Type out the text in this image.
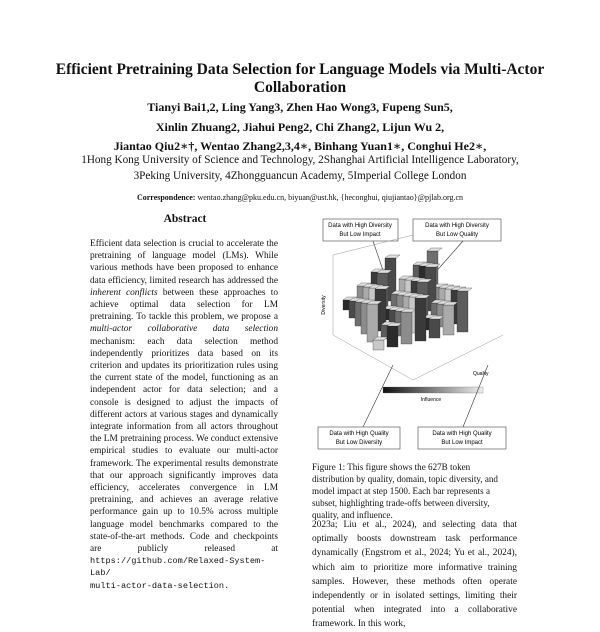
Efficient Pretraining Data Selection for Language Models via Multi-Actor Collaboration
Tianyi Bai1,2, Ling Yang3, Zhen Hao Wong3, Fupeng Sun5,
Xinlin Zhuang2, Jiahui Peng2, Chi Zhang2, Lijun Wu 2,
Jiantao Qiu2∗†, Wentao Zhang2,3,4∗, Binhang Yuan1∗, Conghui He2∗,
1Hong Kong University of Science and Technology, 2Shanghai Artificial Intelligence Laboratory,
3Peking University, 4Zhongguancun Academy, 5Imperial College London
Correspondence: wentao.zhang@pku.edu.cn, biyuan@ust.hk, {heconghui, qiujiantao}@pjlab.org.cn
Abstract
Efficient data selection is crucial to accelerate the pretraining of language model (LMs). While various methods have been proposed to enhance data efficiency, limited research has addressed the inherent conflicts between these approaches to achieve optimal data selection for LM pretraining. To tackle this problem, we propose a multi-actor collaborative data selection mechanism: each data selection method independently prioritizes data based on its criterion and updates its prioritization rules using the current state of the model, functioning as an independent actor for data selection; and a console is designed to adjust the impacts of different actors at various stages and dynamically integrate information from all actors throughout the LM pretraining process. We conduct extensive empirical studies to evaluate our multi-actor framework. The experimental results demonstrate that our approach significantly improves data efficiency, accelerates convergence in LM pretraining, and achieves an average relative performance gain up to 10.5% across multiple language model benchmarks compared to the state-of-the-art methods. Code and checkpoints are publicly released at https://github.com/Relaxed-System-Lab/
multi-actor-data-selection.
Data with High Diversity
But Low Impact
Data with High Diversity
But Low Quality
Diversity
Influence
Quality
Data with High Quality
But Low Diversity
Data with High Quality
But Low Impact
Figure 1: This figure shows the 627B token distribution by quality, domain, topic diversity, and model impact at step 1500. Each bar represents a subset, highlighting trade-offs between diversity, quality, and influence.
2023a; Liu et al., 2024), and selecting data that optimally boosts downstream task performance dynamically (Engstrom et al., 2024; Yu et al., 2024), which aim to prioritize more informative training samples. However, these methods often operate independently or in isolated settings, limiting their potential when integrated into a collaborative framework. In this work,
